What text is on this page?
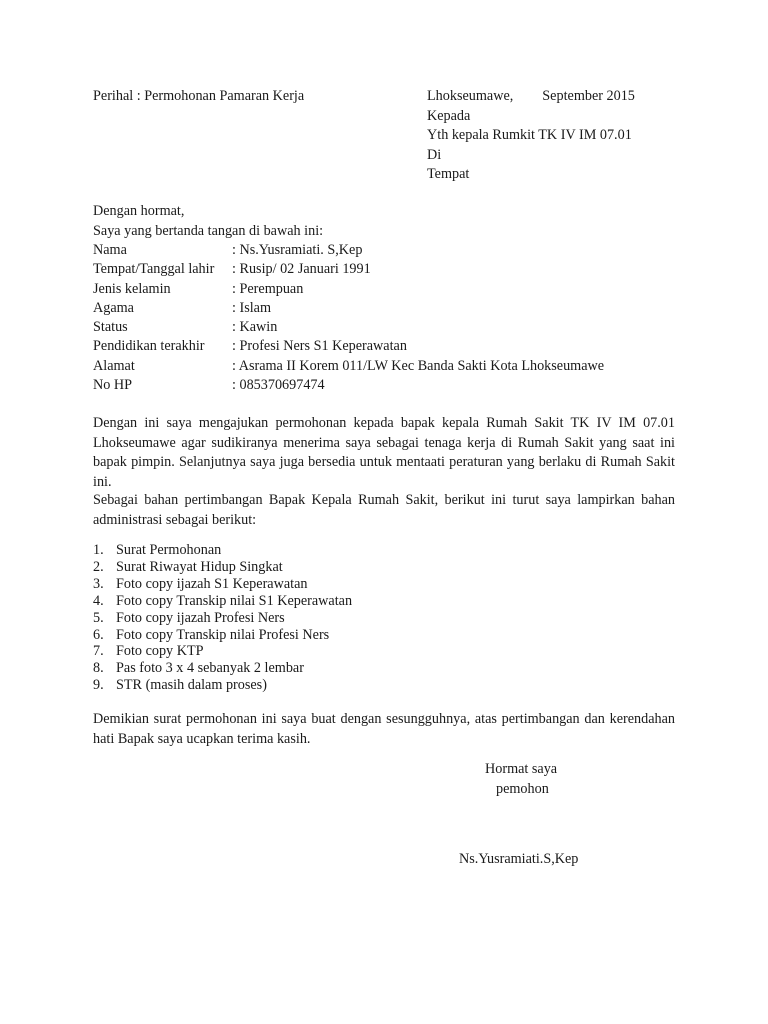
Perihal : Permohonan Pamaran Kerja	Lhokseumawe, September 2015
Kepada
Yth kepala Rumkit TK IV IM 07.01
Di
Tempat
Dengan hormat,
Saya yang bertanda tangan di bawah ini:
Nama	: Ns.Yusramiati. S,Kep
Tempat/Tanggal lahir	: Rusip/ 02 Januari 1991
Jenis kelamin	: Perempuan
Agama	: Islam
Status	: Kawin
Pendidikan terakhir	: Profesi Ners S1 Keperawatan
Alamat	: Asrama II Korem 011/LW Kec Banda Sakti Kota Lhokseumawe
No HP	: 085370697474
Dengan ini saya mengajukan permohonan kepada bapak kepala Rumah Sakit TK IV IM 07.01 Lhokseumawe agar sudikiranya menerima saya sebagai tenaga kerja di Rumah Sakit yang saat ini bapak pimpin. Selanjutnya saya juga bersedia untuk mentaati peraturan yang berlaku di Rumah Sakit ini.
Sebagai bahan pertimbangan Bapak Kepala Rumah Sakit, berikut ini turut saya lampirkan bahan administrasi sebagai berikut:
1. Surat Permohonan
2. Surat Riwayat Hidup Singkat
3. Foto copy ijazah S1 Keperawatan
4. Foto copy Transkip nilai S1 Keperawatan
5. Foto copy ijazah Profesi Ners
6. Foto copy Transkip nilai Profesi Ners
7. Foto copy KTP
8. Pas foto 3 x 4 sebanyak 2 lembar
9. STR (masih dalam proses)
Demikian surat permohonan ini saya buat dengan sesungguhnya, atas pertimbangan dan kerendahan hati Bapak saya ucapkan terima kasih.
Hormat saya
pemohon
Ns.Yusramiati.S,Kep
